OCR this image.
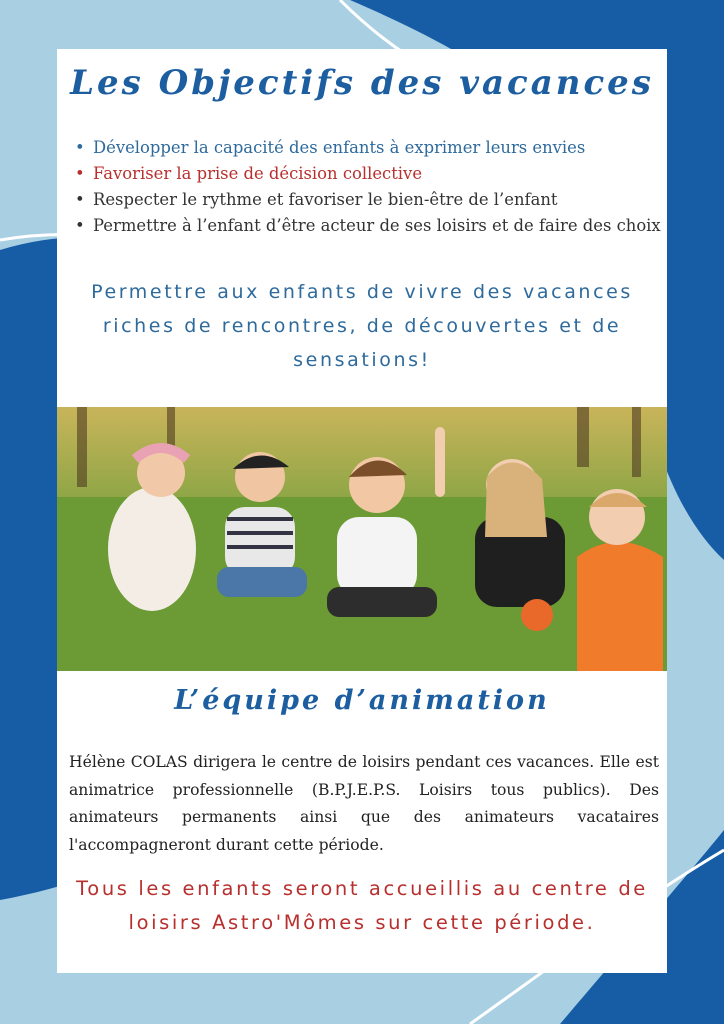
Les Objectifs des vacances
• Développer la capacité des enfants à exprimer leurs envies
• Favoriser la prise de décision collective
• Respecter le rythme et favoriser le bien-être de l’enfant
• Permettre à l’enfant d’être acteur de ses loisirs et de faire des choix
Permettre aux enfants de vivre des vacances riches de rencontres, de découvertes et de sensations!
L’équipe d’animation
Hélène COLAS dirigera le centre de loisirs pendant ces vacances. Elle est animatrice professionnelle (B.P.J.E.P.S. Loisirs tous publics). Des animateurs permanents ainsi que des animateurs vacataires l'accompagneront durant cette période.
Tous les enfants seront accueillis au centre de loisirs Astro'Mômes sur cette période.
